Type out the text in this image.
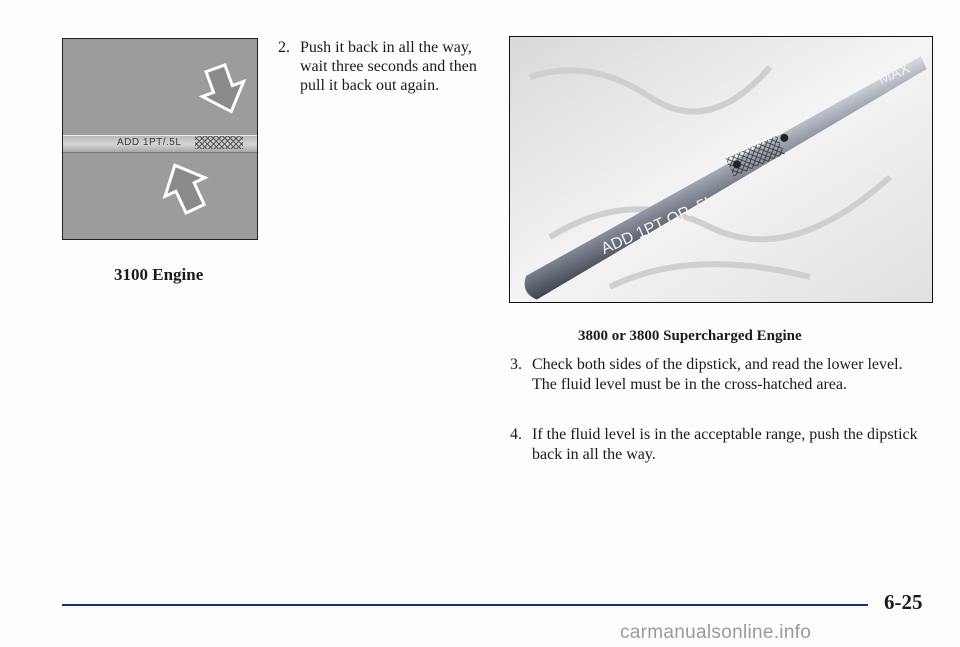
ADD 1PT/.5L
3100 Engine
2. Push it back in all the way, wait three seconds and then pull it back out again.
ADD 1PT OR .5L
MAX
3800 or 3800 Supercharged Engine
3. Check both sides of the dipstick, and read the lower level. The fluid level must be in the cross-hatched area.
4. If the fluid level is in the acceptable range, push the dipstick back in all the way.
6-25
carmanualsonline.info
